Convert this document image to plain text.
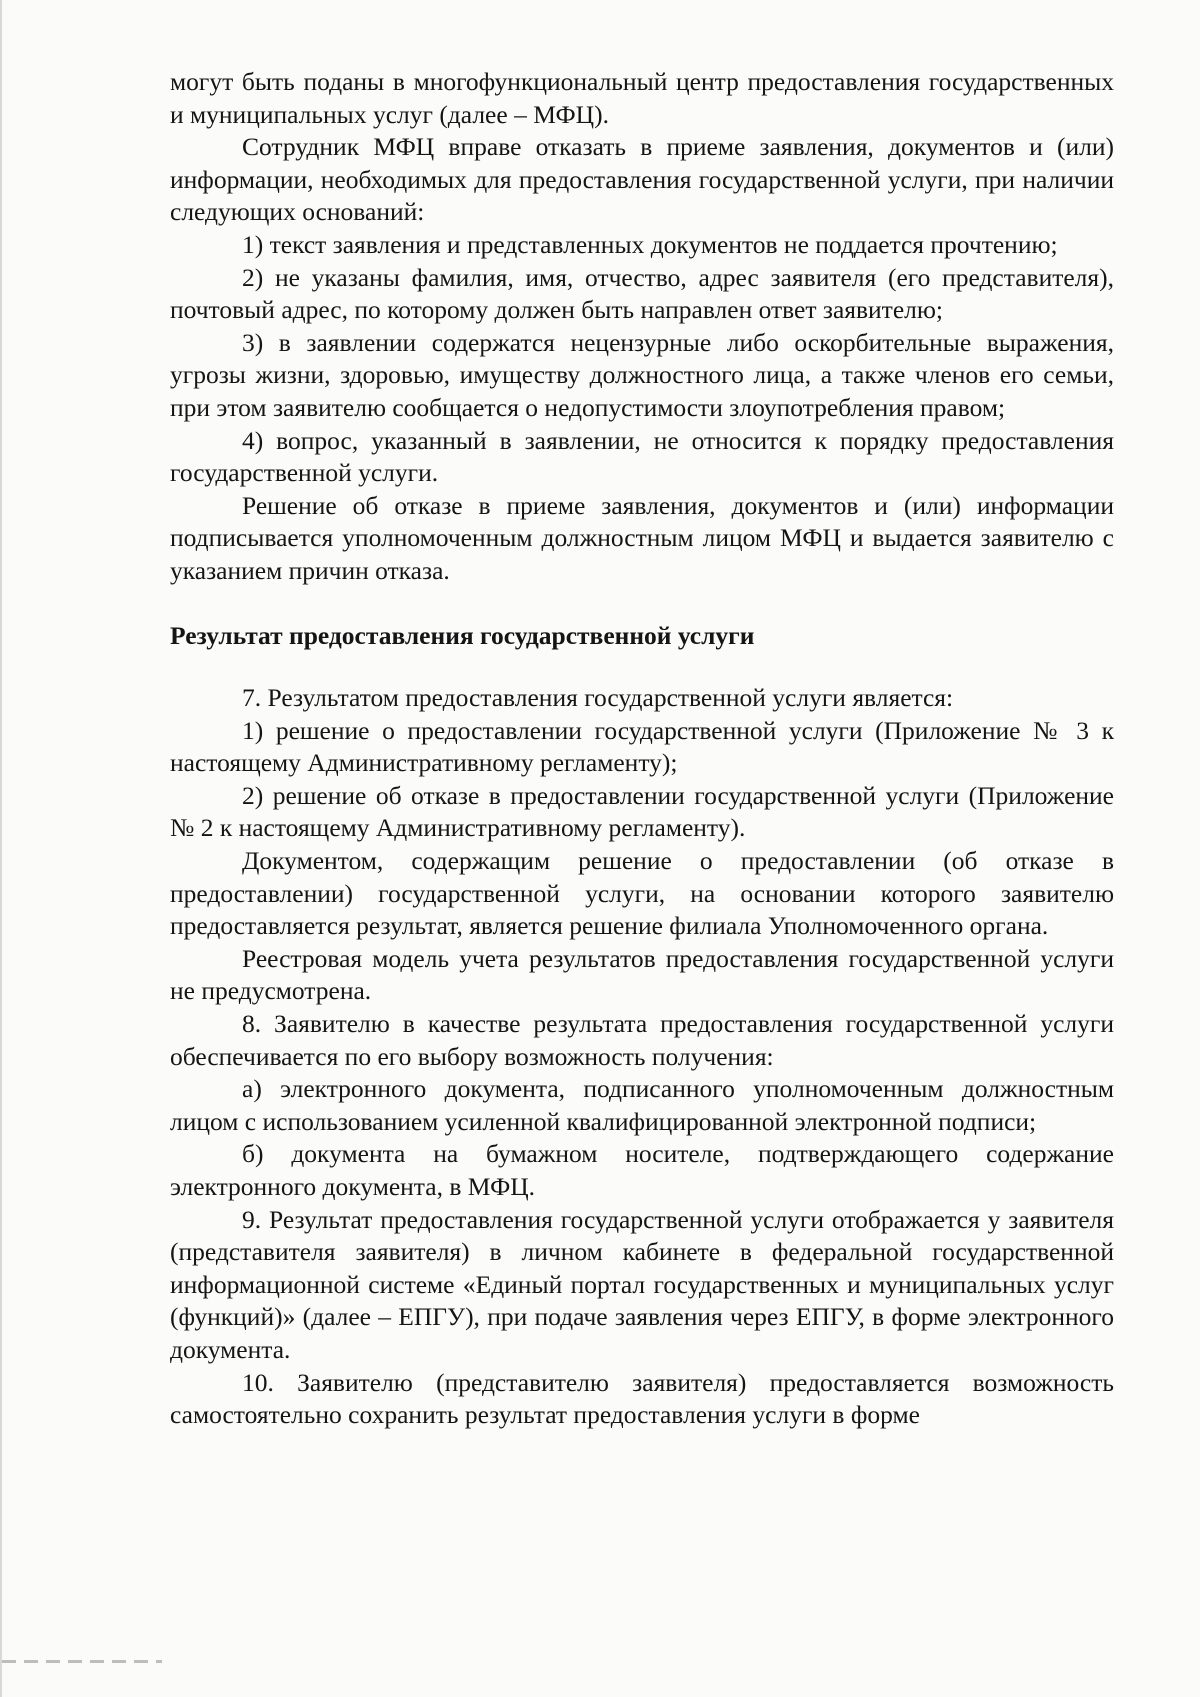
могут быть поданы в многофункциональный центр предоставления государственных и муниципальных услуг (далее – МФЦ).

Сотрудник МФЦ вправе отказать в приеме заявления, документов и (или) информации, необходимых для предоставления государственной услуги, при наличии следующих оснований:

1) текст заявления и представленных документов не поддается прочтению;

2) не указаны фамилия, имя, отчество, адрес заявителя (его представителя), почтовый адрес, по которому должен быть направлен ответ заявителю;

3) в заявлении содержатся нецензурные либо оскорбительные выражения, угрозы жизни, здоровью, имуществу должностного лица, а также членов его семьи, при этом заявителю сообщается о недопустимости злоупотребления правом;

4) вопрос, указанный в заявлении, не относится к порядку предоставления государственной услуги.

Решение об отказе в приеме заявления, документов и (или) информации подписывается уполномоченным должностным лицом МФЦ и выдается заявителю с указанием причин отказа.

Результат предоставления государственной услуги

7. Результатом предоставления государственной услуги является:

1) решение о предоставлении государственной услуги (Приложение № 3 к настоящему Административному регламенту);

2) решение об отказе в предоставлении государственной услуги (Приложение № 2 к настоящему Административному регламенту).

Документом, содержащим решение о предоставлении (об отказе в предоставлении) государственной услуги, на основании которого заявителю предоставляется результат, является решение филиала Уполномоченного органа.

Реестровая модель учета результатов предоставления государственной услуги не предусмотрена.

8. Заявителю в качестве результата предоставления государственной услуги обеспечивается по его выбору возможность получения:

а) электронного документа, подписанного уполномоченным должностным лицом с использованием усиленной квалифицированной электронной подписи;

б) документа на бумажном носителе, подтверждающего содержание электронного документа, в МФЦ.

9. Результат предоставления государственной услуги отображается у заявителя (представителя заявителя) в личном кабинете в федеральной государственной информационной системе «Единый портал государственных и муниципальных услуг (функций)» (далее – ЕПГУ), при подаче заявления через ЕПГУ, в форме электронного документа.

10. Заявителю (представителю заявителя) предоставляется возможность самостоятельно сохранить результат предоставления услуги в форме
